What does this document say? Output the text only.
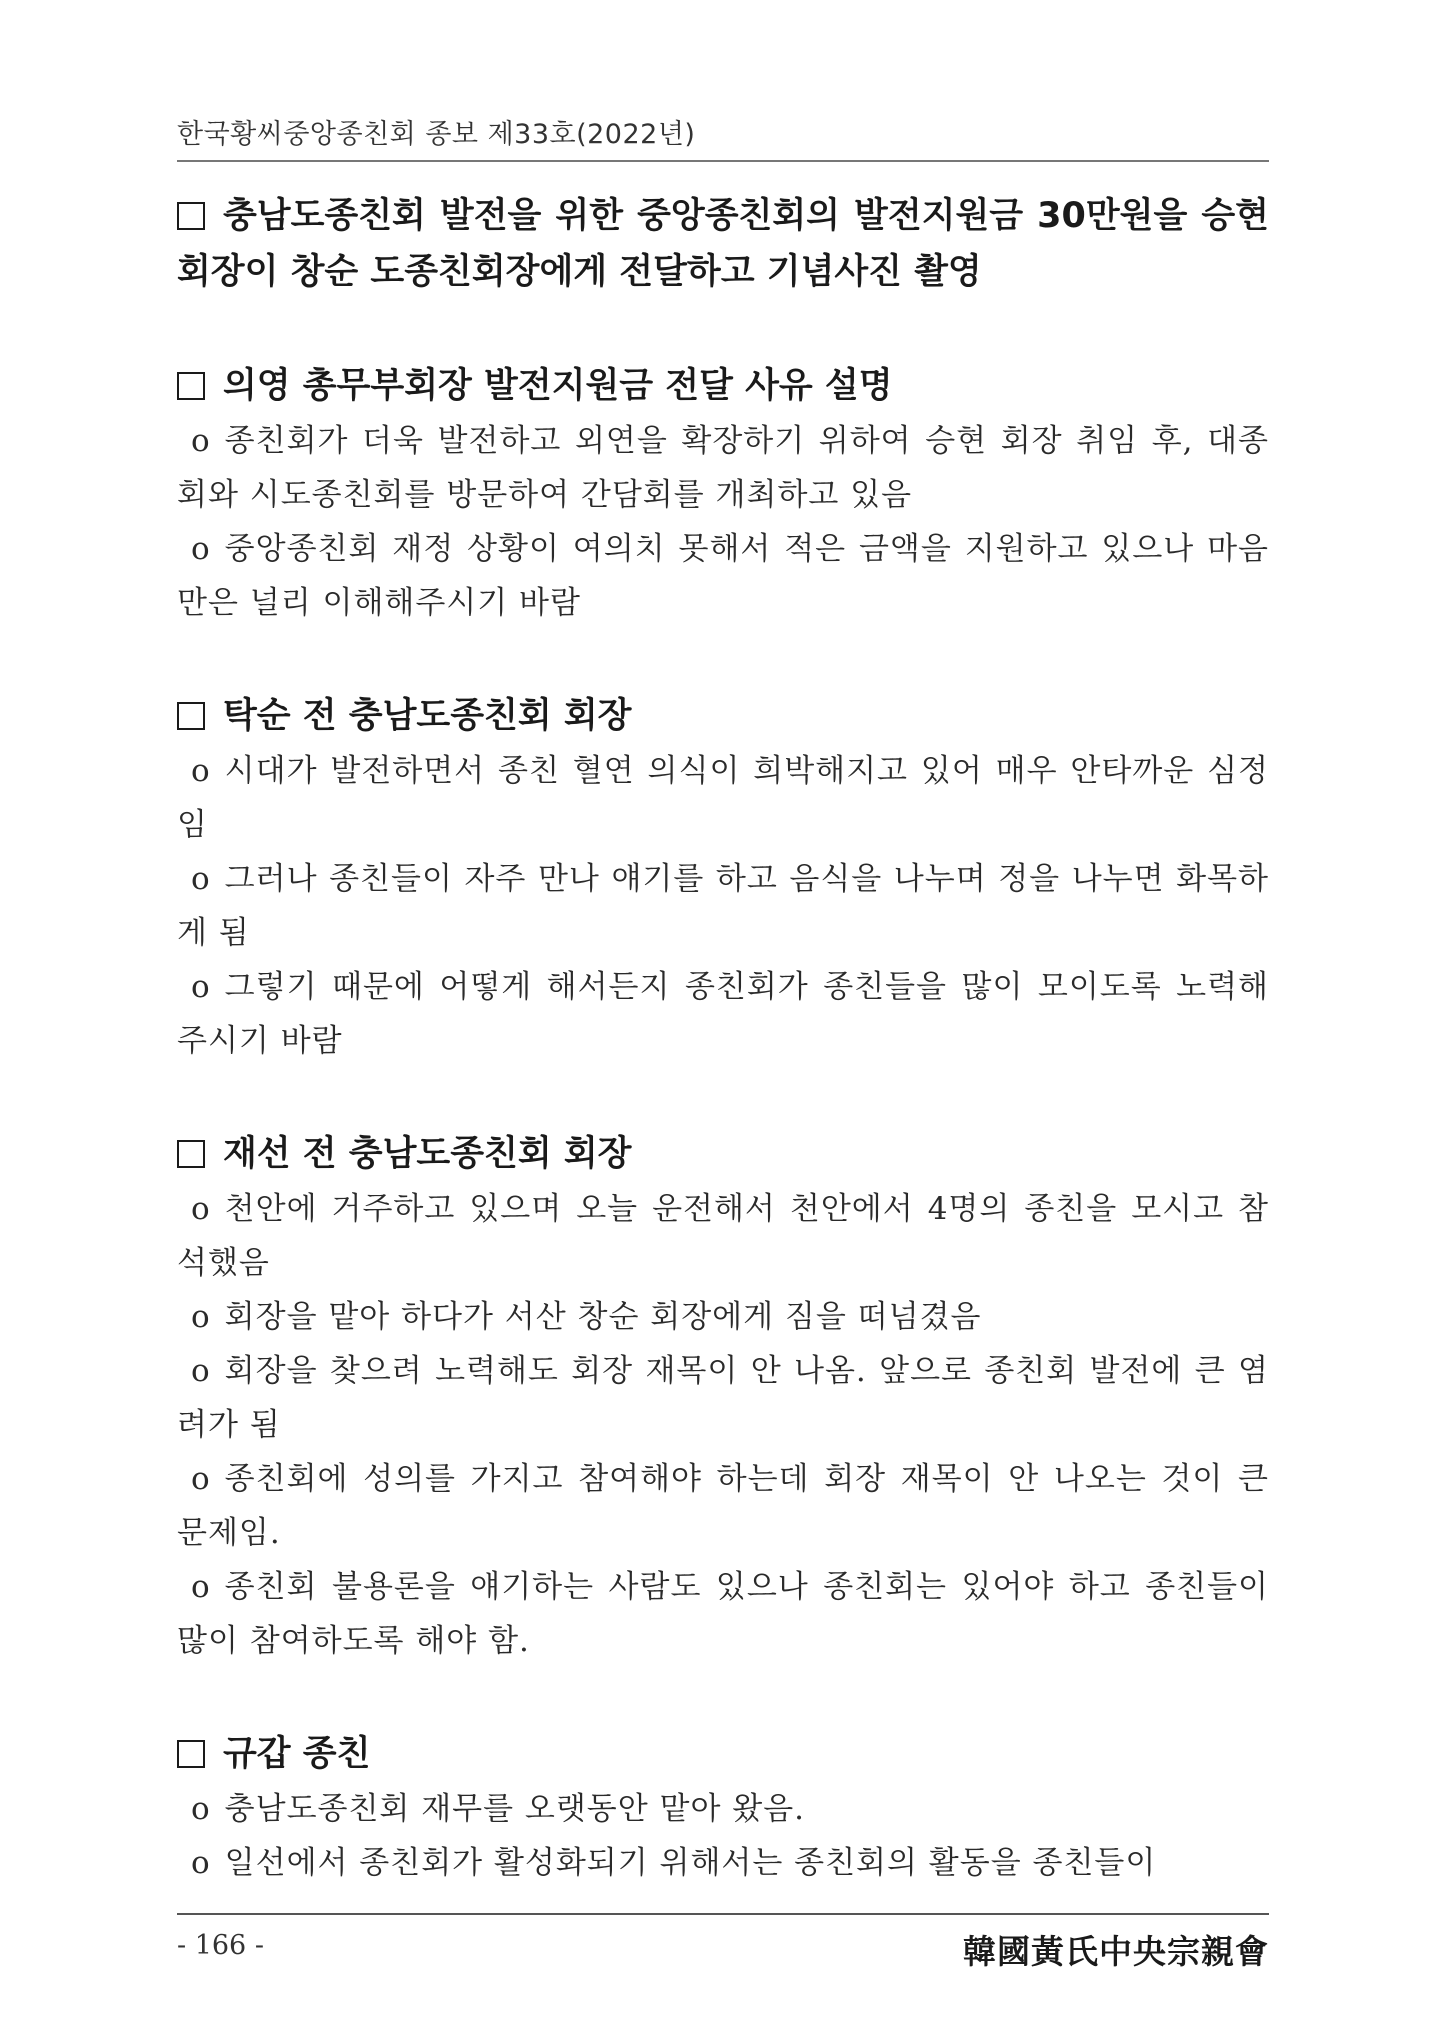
한국황씨중앙종친회 종보 제33호(2022년)

충남도종친회 발전을 위한 중앙종친회의 발전지원금 30만원을 승현 회장이 창순 도종친회장에게 전달하고 기념사진 촬영

의영 총무부회장 발전지원금 전달 사유 설명

o 종친회가 더욱 발전하고 외연을 확장하기 위하여 승현 회장 취임 후, 대종회와 시도종친회를 방문하여 간담회를 개최하고 있음

o 중앙종친회 재정 상황이 여의치 못해서 적은 금액을 지원하고 있으나 마음만은 널리 이해해주시기 바람

탁순 전 충남도종친회 회장

o 시대가 발전하면서 종친 혈연 의식이 희박해지고 있어 매우 안타까운 심정임

o 그러나 종친들이 자주 만나 얘기를 하고 음식을 나누며 정을 나누면 화목하게 됨

o 그렇기 때문에 어떻게 해서든지 종친회가 종친들을 많이 모이도록 노력해 주시기 바람

재선 전 충남도종친회 회장

o 천안에 거주하고 있으며 오늘 운전해서 천안에서 4명의 종친을 모시고 참석했음

o 회장을 맡아 하다가 서산 창순 회장에게 짐을 떠넘겼음

o 회장을 찾으려 노력해도 회장 재목이 안 나옴. 앞으로 종친회 발전에 큰 염려가 됨

o 종친회에 성의를 가지고 참여해야 하는데 회장 재목이 안 나오는 것이 큰 문제임.

o 종친회 불용론을 얘기하는 사람도 있으나 종친회는 있어야 하고 종친들이 많이 참여하도록 해야 함.

규갑 종친

o 충남도종친회 재무를 오랫동안 맡아 왔음.

o 일선에서 종친회가 활성화되기 위해서는 종친회의 활동을 종친들이

- 166 -	韓國黃氏中央宗親會
